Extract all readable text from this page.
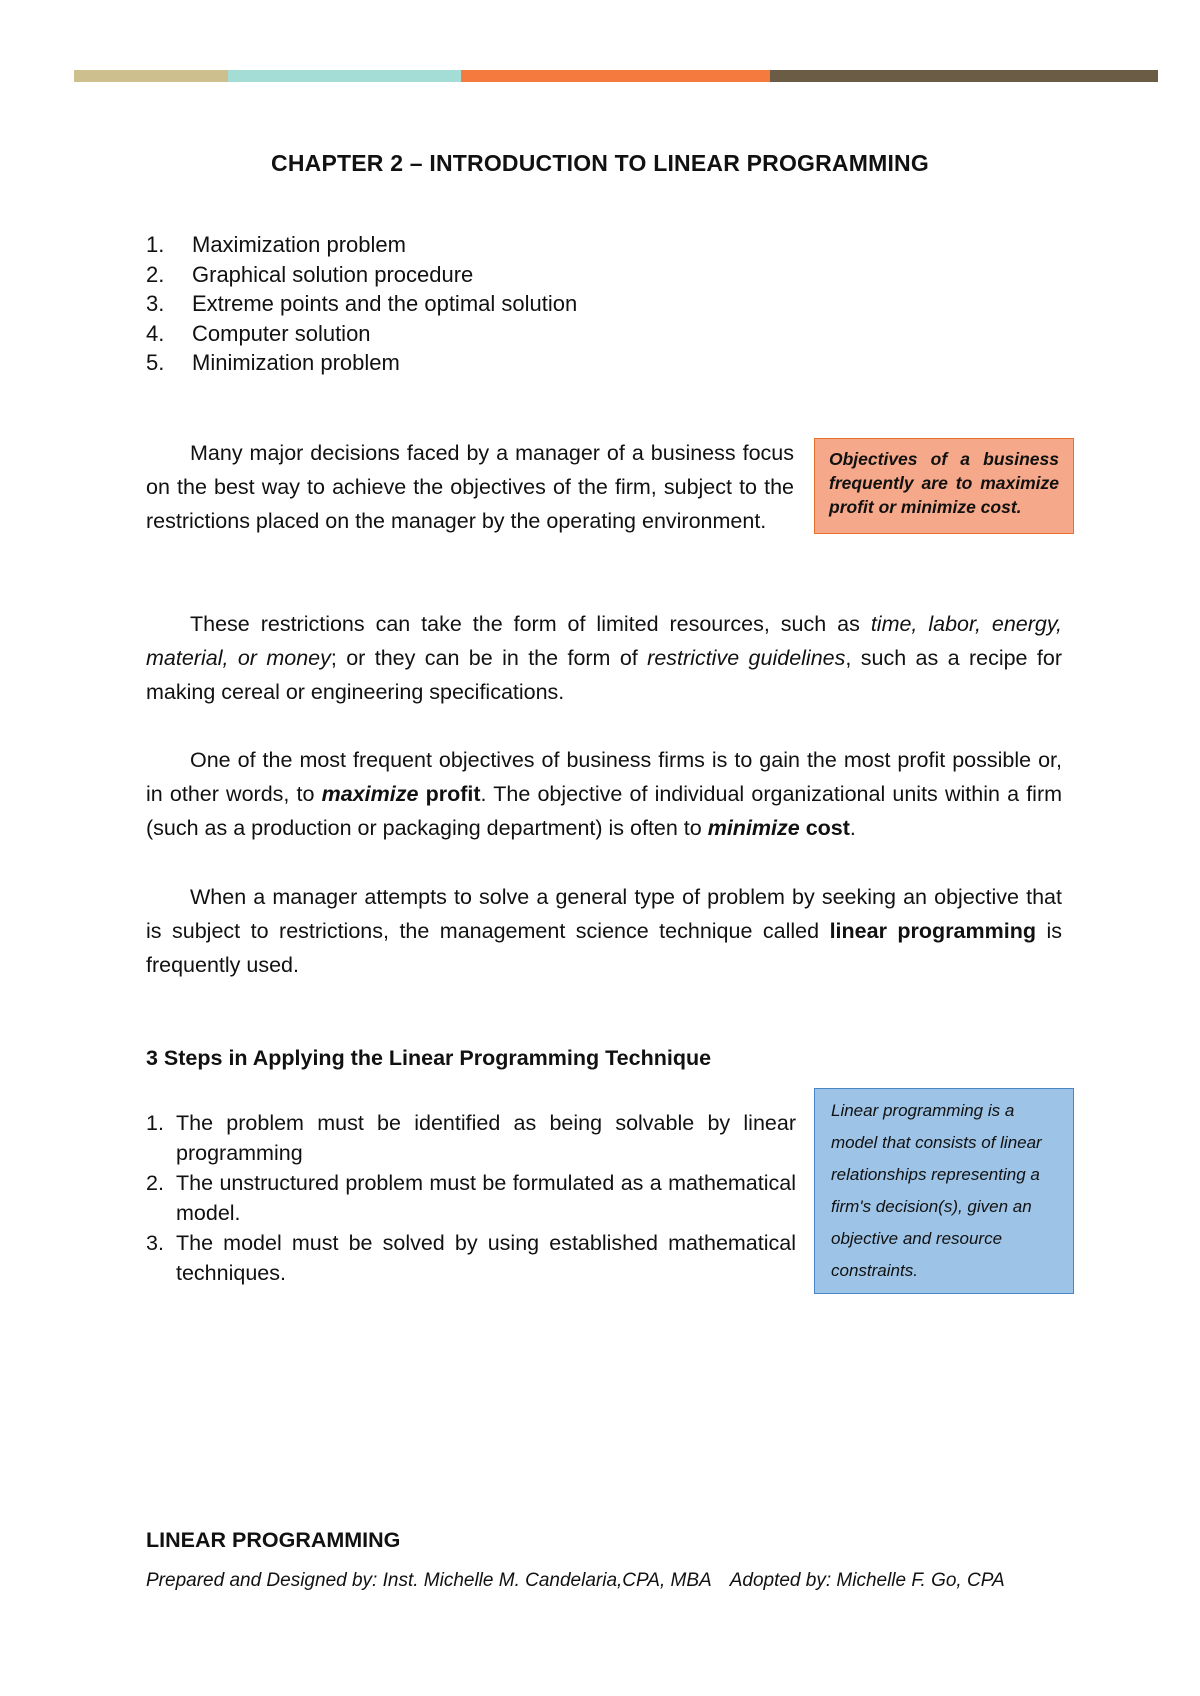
CHAPTER 2 – INTRODUCTION TO LINEAR PROGRAMMING
1. Maximization problem
2. Graphical solution procedure
3. Extreme points and the optimal solution
4. Computer solution
5. Minimization problem

Many major decisions faced by a manager of a business focus on the best way to achieve the objectives of the firm, subject to the restrictions placed on the manager by the operating environment.

Objectives of a business frequently are to maximize profit or minimize cost.

These restrictions can take the form of limited resources, such as time, labor, energy, material, or money; or they can be in the form of restrictive guidelines, such as a recipe for making cereal or engineering specifications.

One of the most frequent objectives of business firms is to gain the most profit possible or, in other words, to maximize profit. The objective of individual organizational units within a firm (such as a production or packaging department) is often to minimize cost.

When a manager attempts to solve a general type of problem by seeking an objective that is subject to restrictions, the management science technique called linear programming is frequently used.

3 Steps in Applying the Linear Programming Technique
1. The problem must be identified as being solvable by linear programming
2. The unstructured problem must be formulated as a mathematical model.
3. The model must be solved by using established mathematical techniques.
Linear programming is a model that consists of linear relationships representing a firm's decision(s), given an objective and resource constraints.
LINEAR PROGRAMMING
Prepared and Designed by: Inst. Michelle M. Candelaria,CPA, MBA Adopted by: Michelle F. Go, CPA
